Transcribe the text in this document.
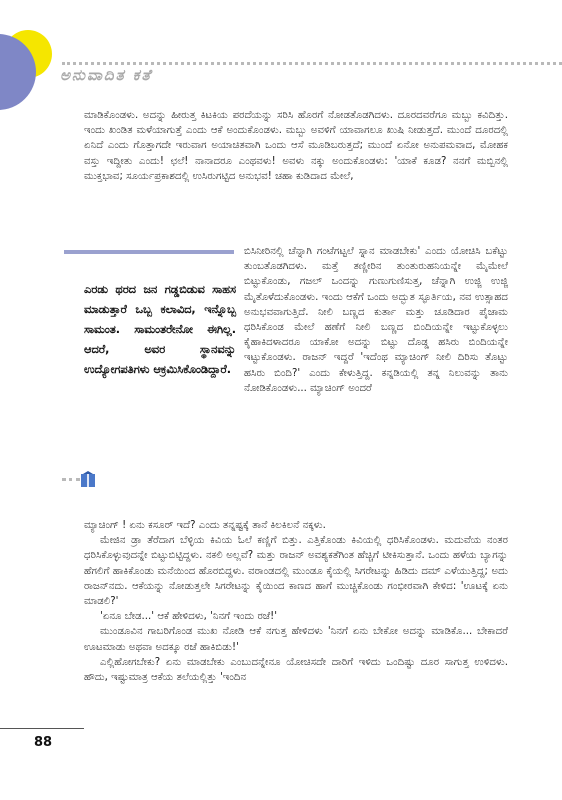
ಅನುವಾದಿತ ಕತೆ

ಮಾಡಿಕೊಂಡಳು. ಅದನ್ನು ಹೀರುತ್ತ ಕಿಟಕಿಯ ಪರದೆಯನ್ನು ಸರಿಸಿ ಹೊರಗೆ ನೋಡತೊಡಗಿದಳು. ದೂರದವರೆಗೂ ಮಬ್ಬು ಕವಿದಿತ್ತು. ಇಂದು ಖಂಡಿತ ಮಳೆಯಾಗುತ್ತೆ ಎಂದು ಆಕೆ ಅಂದುಕೊಂಡಳು. ಮಬ್ಬು ಅವಳಿಗೆ ಯಾವಾಗಲೂ ಖುಷಿ ನೀಡುತ್ತದೆ. ಮುಂದೆ ದೂರದಲ್ಲಿ ಏನಿದೆ ಎಂದು ಗೊತ್ತಾಗದೇ ಇರುವಾಗ ಅಯಾಚಿತವಾಗಿ ಒಂದು ಆಸೆ ಮೂಡಿಬರುತ್ತದೆ; ಮುಂದೆ ಏನೋ ಅನುಪಮವಾದ, ಮೋಹಕ ವಸ್ತು ಇದ್ದೀತು ಎಂದು! ಛಲೆ! ನಾನಾದರೂ ಎಂಥವಳು! ಅವಳು ನಕ್ಕು ಅಂದುಕೊಂಡಳು: 'ಯಾಕೆ ಕೂಡ? ನನಗೆ ಮಬ್ಬಿನಲ್ಲಿ ಮುಕ್ತಭಾವ; ಸೂರ್ಯಪ್ರಕಾಶದಲ್ಲಿ ಉಸಿರುಗಟ್ಟಿದ ಅನುಭವ! ಚಹಾ ಕುಡಿದಾದ ಮೇಲೆ,

ಎರಡು ಥರದ ಜನ ಗಡ್ಡಬಿಡುವ ಸಾಹಸ ಮಾಡುತ್ತಾರೆ ಒಬ್ಬ ಕಲಾವಿದ, ಇನ್ನೊಬ್ಬ ಸಾಮಂತ. ಸಾಮಂತರೇನೋ ಈಗಿಲ್ಲ. ಆದರೆ, ಅವರ ಸ್ಥಾನವನ್ನು ಉದ್ಯೋಗಪತಿಗಳು ಆಕ್ರಮಿಸಿಕೊಂಡಿದ್ದಾರೆ.

ಬಿಸಿನೀರಿನಲ್ಲಿ ಚೆನ್ನಾಗಿ ಗಂಟೆಗಟ್ಟಲೆ ಸ್ನಾನ ಮಾಡಬೇಕು' ಎಂದು ಯೋಚಿಸಿ ಬಕೆಟ್ಟು ತುಂಬತೊಡಗಿದಳು. ಮತ್ತೆ ತಣ್ಣೀರಿನ ತುಂತುರುಹನಿಯನ್ನೇ ಮೈಮೇಲೆ ಬಿಟ್ಟುಕೊಂಡು, ಗಜಲ್ ಒಂದನ್ನು ಗುಣುಗುಣಿಸುತ್ತ, ಚೆನ್ನಾಗಿ ಉಜ್ಜಿ ಉಜ್ಜಿ ಮೈತೊಳೆದುಕೊಂಡಳು. ಇಂದು ಆಕೆಗೆ ಒಂದು ಅದ್ಭುತ ಸ್ಫೂರ್ತಿಯ, ನವ ಉತ್ಸಾಹದ ಅನುಭವವಾಗುತ್ತಿದೆ. ನೀಲಿ ಬಣ್ಣದ ಕುರ್ತಾ ಮತ್ತು ಚೂಡಿದಾರ ಪೈಜಾಮ ಧರಿಸಿಕೊಂಡ ಮೇಲೆ ಹಣೆಗೆ ನೀಲಿ ಬಣ್ಣದ ಬಿಂದಿಯನ್ನೇ ಇಟ್ಟುಕೊಳ್ಳಲು ಕೈಹಾಕಿದಳಾದರೂ ಯಾಕೋ ಅದನ್ನು ಬಿಟ್ಟು ದೊಡ್ಡ ಹಸಿರು ಬಿಂದಿಯನ್ನೇ ಇಟ್ಟುಕೊಂಡಳು. ರಾಜನ್ ಇದ್ದರೆ 'ಇದೆಂಥ ಮ್ಯಾಚಿಂಗ್ ನೀಲಿ ದಿರಿಸು ತೊಟ್ಟು ಹಸಿರು ಬಿಂದಿ?' ಎಂದು ಕೇಳುತ್ತಿದ್ದ. ಕನ್ನಡಿಯಲ್ಲಿ ತನ್ನ ನಿಲುವನ್ನು ತಾನು ನೋಡಿಕೊಂಡಳು... ಮ್ಯಾಚಿಂಗ್ ಅಂದರೆ

ಮ್ಯಾಚಿಂಗ್ ! ಏನು ಕಸೂರ್ ಇದೆ? ಎಂದು ತನ್ನಷ್ಟಕ್ಕೆ ತಾನೆ ಕಿಲಕಿಲನೆ ನಕ್ಕಳು.

ಮೇಜಿನ ಡ್ರಾ ತೆರೆದಾಗ ಬೆಳ್ಳಿಯ ಕಿವಿಯ ಓಲೆ ಕಣ್ಣಿಗೆ ಬಿತ್ತು. ಎತ್ತಿಕೊಂಡು ಕಿವಿಯಲ್ಲಿ ಧರಿಸಿಕೊಂಡಳು. ಮದುವೆಯ ನಂತರ ಧರಿಸಿಕೊಳ್ಳುವುದನ್ನೇ ಬಿಟ್ಟುಬಿಟ್ಟಿದ್ದಳು. ನಕಲಿ ಅಲ್ಲವೆ? ಮತ್ತು ರಾಜನ್ ಅವಶ್ಯಕತೆಗಿಂತ ಹೆಚ್ಚಿಗೆ ಟೀಕಿಸುತ್ತಾನೆ. ಒಂದು ಹಳೆಯ ಬ್ಯಾಗನ್ನು ಹೆಗಲಿಗೆ ಹಾಕಿಕೊಂಡು ಮನೆಯಿಂದ ಹೊರಬಿದ್ದಳು. ವರಾಂಡದಲ್ಲಿ ಮುಂಡೂ ಕೈಯಲ್ಲಿ ಸಿಗರೇಟನ್ನು ಹಿಡಿದು ದಮ್ ಎಳೆಯುತ್ತಿದ್ದ; ಅದು ರಾಜನ್‌ನದು. ಆಕೆಯನ್ನು ನೋಡುತ್ತಲೇ ಸಿಗರೇಟನ್ನು ಕೈಯಿಂದ ಕಾಣದ ಹಾಗೆ ಮುಚ್ಚಿಕೊಂಡು ಗಂಭೀರವಾಗಿ ಕೇಳಿದ: 'ಊಟಕ್ಕೆ ಏನು ಮಾಡಲಿ?'

'ಏನೂ ಬೇಡ...' ಆಕೆ ಹೇಳಿದಳು, 'ನಿನಗೆ ಇಂದು ರಜೆ!'

ಮುಂಡೂವಿನ ಗಾಬರಿಗೊಂಡ ಮುಖ ನೋಡಿ ಆಕೆ ನಗುತ್ತ ಹೇಳಿದಳು 'ನಿನಗೆ ಏನು ಬೇಕೋ ಅದನ್ನು ಮಾಡಿಕೊ... ಬೇಕಾದರೆ ಊಟಮಾಡು ಅಥವಾ ಅದಕ್ಕೂ ರಜೆ ಹಾಕಿಬಿಡು!'

ಎಲ್ಲಿಹೋಗಬೇಕು? ಏನು ಮಾಡಬೇಕು ಎಂಬುದನ್ನೇನೂ ಯೋಚಿಸದೇ ದಾರಿಗೆ ಇಳಿದು ಒಂದಿಷ್ಟು ದೂರ ಸಾಗುತ್ತ ಉಳಿದಳು. ಹೌದು, ಇಷ್ಟುಮಾತ್ರ ಆಕೆಯ ತಲೆಯಲ್ಲಿತ್ತು 'ಇಂದಿನ

88
